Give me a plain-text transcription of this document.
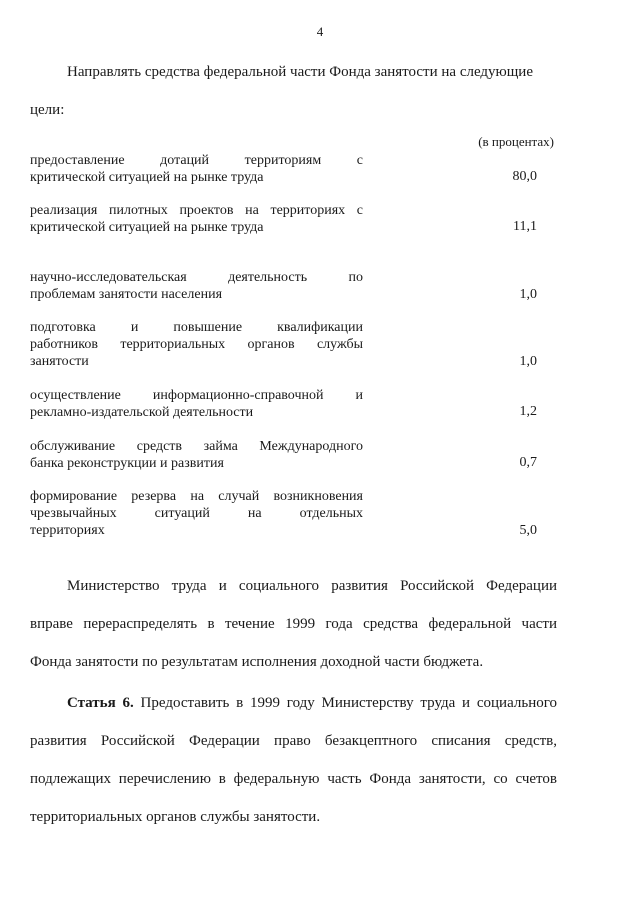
4
Направлять средства федеральной части Фонда занятости на следующие
цели:
(в процентах)
предоставление дотаций территориям с
критической ситуацией на рынке труда	80,0
реализация пилотных проектов на территориях с
критической ситуацией на рынке труда	11,1
научно-исследовательская деятельность по
проблемам занятости населения	1,0
подготовка и повышение квалификации
работников территориальных органов службы
занятости	1,0
осуществление информационно-справочной и
рекламно-издательской деятельности	1,2
обслуживание средств займа Международного
банка реконструкции и развития	0,7
формирование резерва на случай возникновения
чрезвычайных ситуаций на отдельных
территориях	5,0
Министерство труда и социального развития Российской Федерации
вправе перераспределять в течение 1999 года средства федеральной части
Фонда занятости по результатам исполнения доходной части бюджета.
Статья 6. Предоставить в 1999 году Министерству труда и социального
развития Российской Федерации право безакцептного списания средств,
подлежащих перечислению в федеральную часть Фонда занятости, со счетов
территориальных органов службы занятости.
